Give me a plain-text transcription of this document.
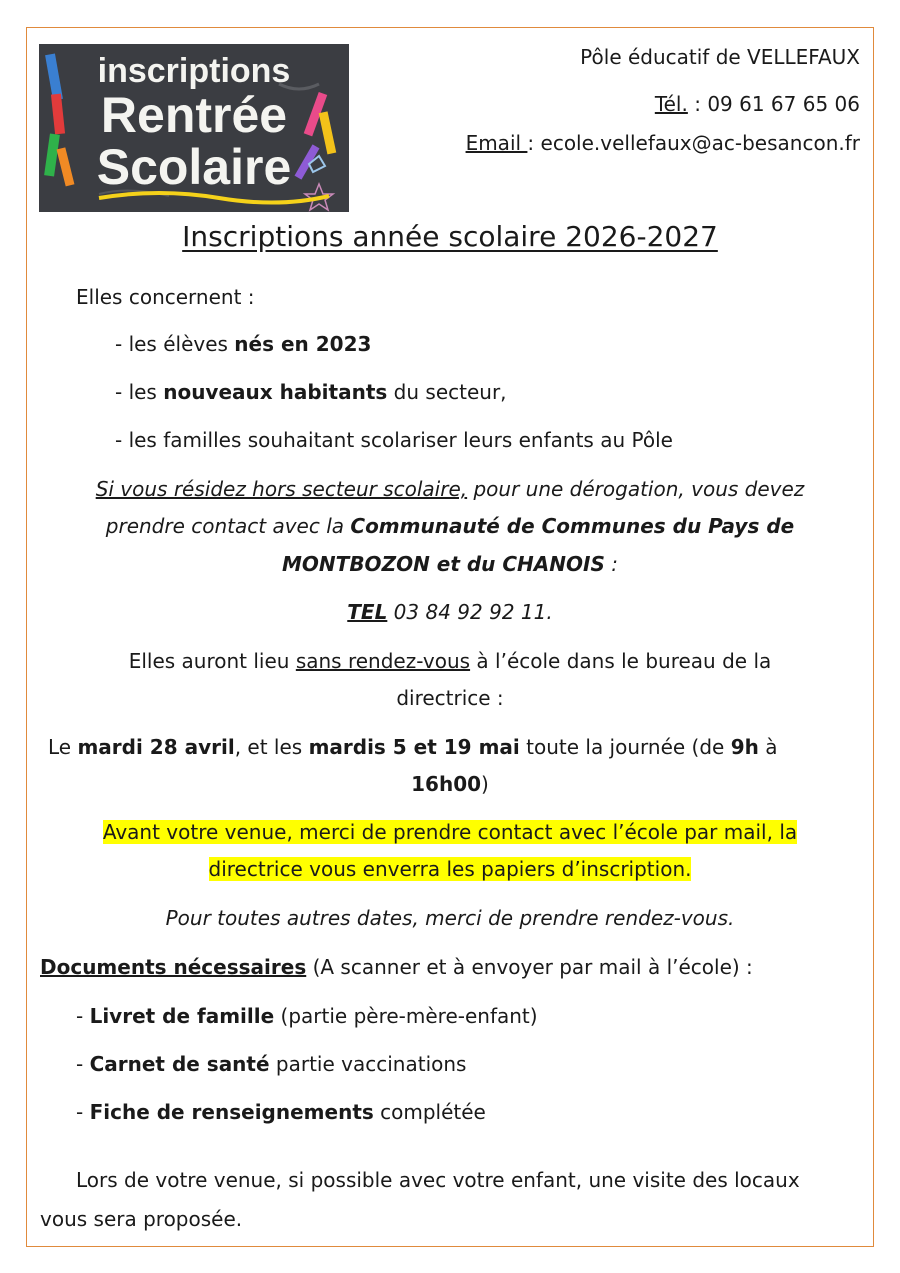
inscriptions
Rentrée
Scolaire
Pôle éducatif de VELLEFAUX
Tél. : 09 61 67 65 06
Email : ecole.vellefaux@ac-besancon.fr
Inscriptions année scolaire 2026-2027
Elles concernent :
- les élèves nés en 2023
- les nouveaux habitants du secteur,
- les familles souhaitant scolariser leurs enfants au Pôle
Si vous résidez hors secteur scolaire, pour une dérogation, vous devez
prendre contact avec la Communauté de Communes du Pays de
MONTBOZON et du CHANOIS :
TEL 03 84 92 92 11.
Elles auront lieu sans rendez-vous à l’école dans le bureau de la
directrice :
Le mardi 28 avril, et les mardis 5 et 19 mai toute la journée (de 9h à
16h00)
Avant votre venue, merci de prendre contact avec l’école par mail, la
directrice vous enverra les papiers d’inscription.
Pour toutes autres dates, merci de prendre rendez-vous.
Documents nécessaires (A scanner et à envoyer par mail à l’école) :
- Livret de famille (partie père-mère-enfant)
- Carnet de santé partie vaccinations
- Fiche de renseignements complétée
Lors de votre venue, si possible avec votre enfant, une visite des locaux
vous sera proposée.
